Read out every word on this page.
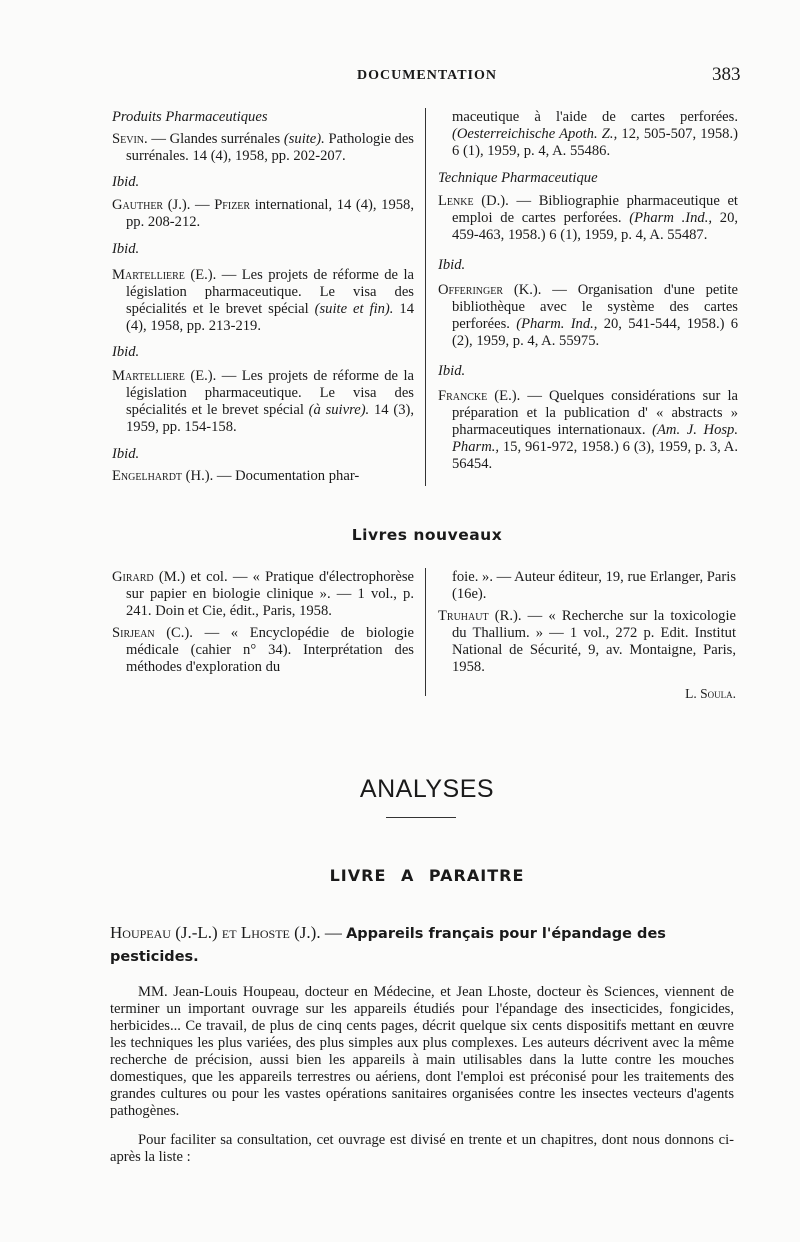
DOCUMENTATION	383

Produits Pharmaceutiques

Sevin. — Glandes surrénales (suite). Pathologie des surrénales. 14 (4), 1958, pp. 202-207.

Ibid.

Gauther (J.). — Pfizer international, 14 (4), 1958, pp. 208-212.

Ibid.

Martelliere (E.). — Les projets de réforme de la législation pharmaceutique. Le visa des spécialités et le brevet spécial (suite et fin). 14 (4), 1958, pp. 213-219.

Ibid.

Martelliere (E.). — Les projets de réforme de la législation pharmaceutique. Le visa des spécialités et le brevet spécial (à suivre). 14 (3), 1959, pp. 154-158.

Ibid.

Engelhardt (H.). — Documentation phar-

maceutique à l'aide de cartes perforées. (Oesterreichische Apoth. Z., 12, 505-507, 1958.) 6 (1), 1959, p. 4, A. 55486.

Technique Pharmaceutique

Lenke (D.). — Bibliographie pharmaceutique et emploi de cartes perforées. (Pharm .Ind., 20, 459-463, 1958.) 6 (1), 1959, p. 4, A. 55487.

Ibid.

Offeringer (K.). — Organisation d'une petite bibliothèque avec le système des cartes perforées. (Pharm. Ind., 20, 541-544, 1958.) 6 (2), 1959, p. 4, A. 55975.

Ibid.

Francke (E.). — Quelques considérations sur la préparation et la publication d' « abstracts » pharmaceutiques internationaux. (Am. J. Hosp. Pharm., 15, 961-972, 1958.) 6 (3), 1959, p. 3, A. 56454.

Livres nouveaux

Girard (M.) et col. — « Pratique d'électrophorèse sur papier en biologie clinique ». — 1 vol., p. 241. Doin et Cie, édit., Paris, 1958.

Sirjean (C.). — « Encyclopédie de biologie médicale (cahier n° 34). Interprétation des méthodes d'exploration du

foie. ». — Auteur éditeur, 19, rue Erlanger, Paris (16e).

Truhaut (R.). — « Recherche sur la toxicologie du Thallium. » — 1 vol., 272 p. Edit. Institut National de Sécurité, 9, av. Montaigne, Paris, 1958.

L. Soula.

ANALYSES
LIVRE A PARAITRE
Houpeau (J.-L.) et Lhoste (J.). — Appareils français pour l'épandage des pesticides.

MM. Jean-Louis Houpeau, docteur en Médecine, et Jean Lhoste, docteur ès Sciences, viennent de terminer un important ouvrage sur les appareils étudiés pour l'épandage des insecticides, fongicides, herbicides... Ce travail, de plus de cinq cents pages, décrit quelque six cents dispositifs mettant en œuvre les techniques les plus variées, des plus simples aux plus complexes. Les auteurs décrivent avec la même recherche de précision, aussi bien les appareils à main utilisables dans la lutte contre les mouches domestiques, que les appareils terrestres ou aériens, dont l'emploi est préconisé pour les traitements des grandes cultures ou pour les vastes opérations sanitaires organisées contre les insectes vecteurs d'agents pathogènes.

Pour faciliter sa consultation, cet ouvrage est divisé en trente et un chapitres, dont nous donnons ci-après la liste :
